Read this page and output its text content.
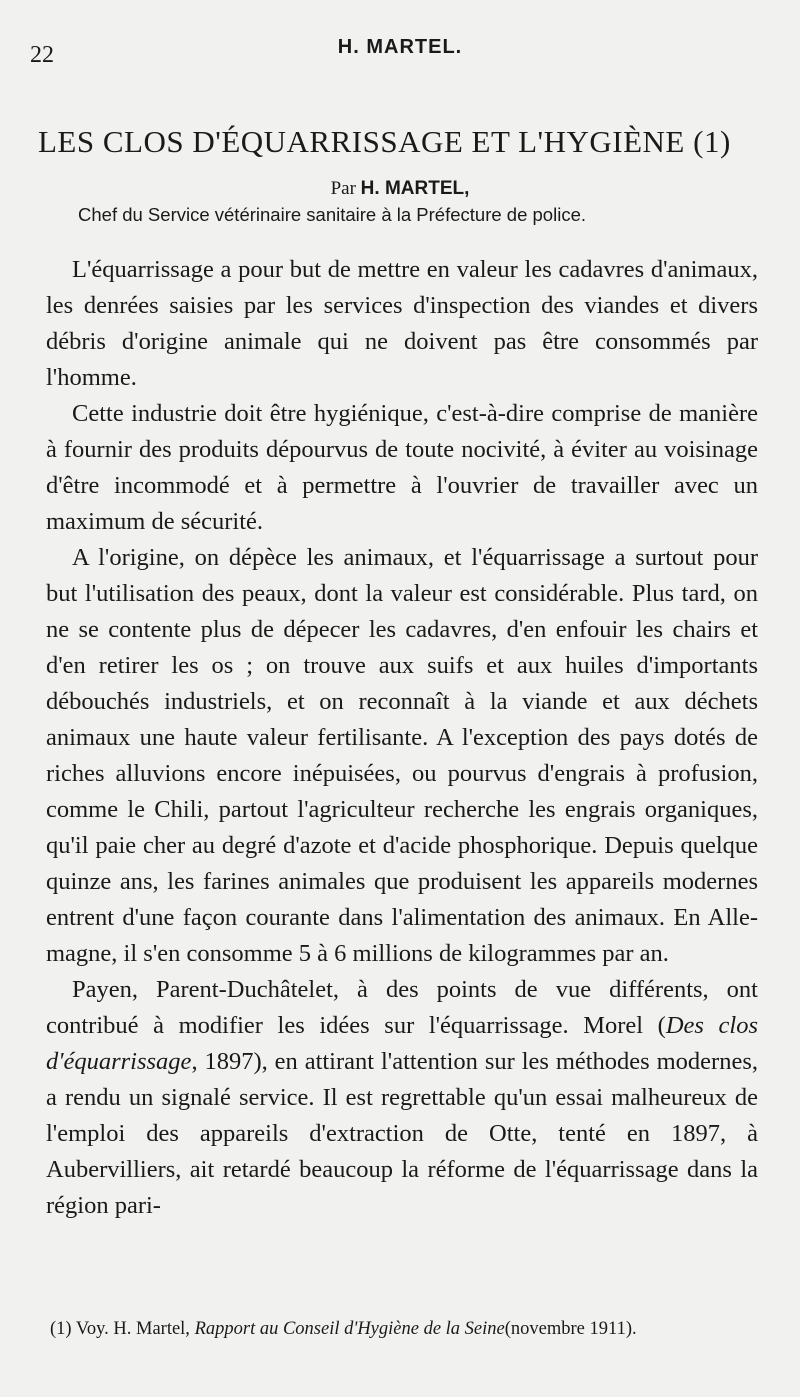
22	H. MARTEL.
LES CLOS D'ÉQUARRISSAGE ET L'HYGIÈNE (1)
Par H. MARTEL,
Chef du Service vétérinaire sanitaire à la Préfecture de police.

L'équarrissage a pour but de mettre en valeur les cadavres d'animaux, les denrées saisies par les services d'inspection des viandes et divers débris d'origine animale qui ne doivent pas être consommés par l'homme.

Cette industrie doit être hygiénique, c'est-à-dire comprise de manière à fournir des produits dépourvus de toute nocivité, à éviter au voisinage d'être incommodé et à permettre à l'ouvrier de travailler avec un maximum de sécurité.

A l'origine, on dépèce les animaux, et l'équarrissage a surtout pour but l'utilisation des peaux, dont la valeur est considérable. Plus tard, on ne se contente plus de dépecer les cadavres, d'en enfouir les chairs et d'en retirer les os ; on trouve aux suifs et aux huiles d'importants débouchés industriels, et on reconnaît à la viande et aux déchets animaux une haute valeur fertilisante. A l'exception des pays dotés de riches alluvions encore inépuisées, ou pourvus d'engrais à profusion, comme le Chili, partout l'agriculteur recherche les engrais organiques, qu'il paie cher au degré d'azote et d'acide phosphorique. Depuis quelque quinze ans, les farines animales que produisent les appareils modernes entrent d'une façon courante dans l'alimentation des animaux. En Allemagne, il s'en consomme 5 à 6 millions de kilogrammes par an.

Payen, Parent-Duchâtelet, à des points de vue différents, ont contribué à modifier les idées sur l'équarrissage. Morel (Des clos d'équarrissage, 1897), en attirant l'attention sur les méthodes modernes, a rendu un signalé service. Il est regrettable qu'un essai malheureux de l'emploi des appareils d'extraction de Otte, tenté en 1897, à Aubervilliers, ait retardé beaucoup la réforme de l'équarrissage dans la région pari-

(1) Voy. H. Martel, Rapport au Conseil d'Hygiène de la Seine(novembre 1911).
